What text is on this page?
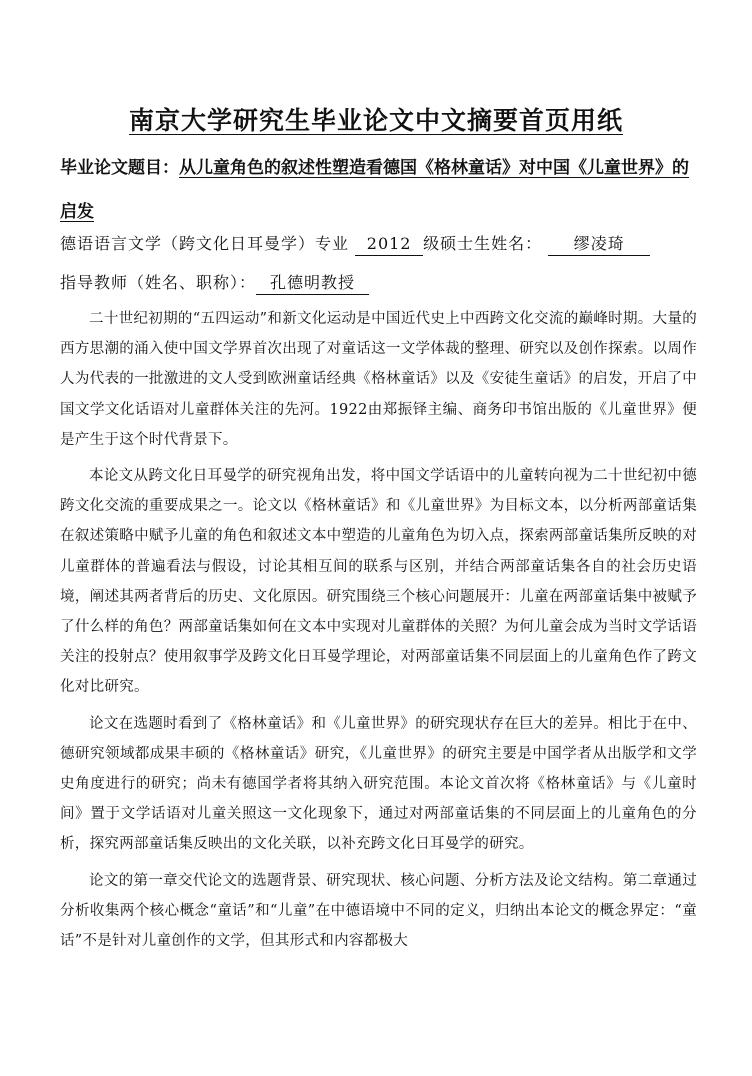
南京大学研究生毕业论文中文摘要首页用纸
毕业论文题目：从儿童角色的叙述性塑造看德国《格林童话》对中国《儿童世界》的启发
德语语言文学（跨文化日耳曼学）专业 2012 级硕士生姓名： 缪凌琦
指导教师（姓名、职称）： 孔德明教授

二十世纪初期的“五四运动”和新文化运动是中国近代史上中西跨文化交流的巅峰时期。大量的西方思潮的涌入使中国文学界首次出现了对童话这一文学体裁的整理、研究以及创作探索。以周作人为代表的一批激进的文人受到欧洲童话经典《格林童话》以及《安徒生童话》的启发，开启了中国文学文化话语对儿童群体关注的先河。1922由郑振铎主编、商务印书馆出版的《儿童世界》便是产生于这个时代背景下。

本论文从跨文化日耳曼学的研究视角出发，将中国文学话语中的儿童转向视为二十世纪初中德跨文化交流的重要成果之一。论文以《格林童话》和《儿童世界》为目标文本，以分析两部童话集在叙述策略中赋予儿童的角色和叙述文本中塑造的儿童角色为切入点，探索两部童话集所反映的对儿童群体的普遍看法与假设，讨论其相互间的联系与区别，并结合两部童话集各自的社会历史语境，阐述其两者背后的历史、文化原因。研究围绕三个核心问题展开：儿童在两部童话集中被赋予了什么样的角色？两部童话集如何在文本中实现对儿童群体的关照？为何儿童会成为当时文学话语关注的投射点？使用叙事学及跨文化日耳曼学理论，对两部童话集不同层面上的儿童角色作了跨文化对比研究。

论文在选题时看到了《格林童话》和《儿童世界》的研究现状存在巨大的差异。相比于在中、德研究领域都成果丰硕的《格林童话》研究，《儿童世界》的研究主要是中国学者从出版学和文学史角度进行的研究；尚未有德国学者将其纳入研究范围。本论文首次将《格林童话》与《儿童时间》置于文学话语对儿童关照这一文化现象下，通过对两部童话集的不同层面上的儿童角色的分析，探究两部童话集反映出的文化关联，以补充跨文化日耳曼学的研究。

论文的第一章交代论文的选题背景、研究现状、核心问题、分析方法及论文结构。第二章通过分析收集两个核心概念“童话”和“儿童”在中德语境中不同的定义，归纳出本论文的概念界定：“童话”不是针对儿童创作的文学，但其形式和内容都极大
